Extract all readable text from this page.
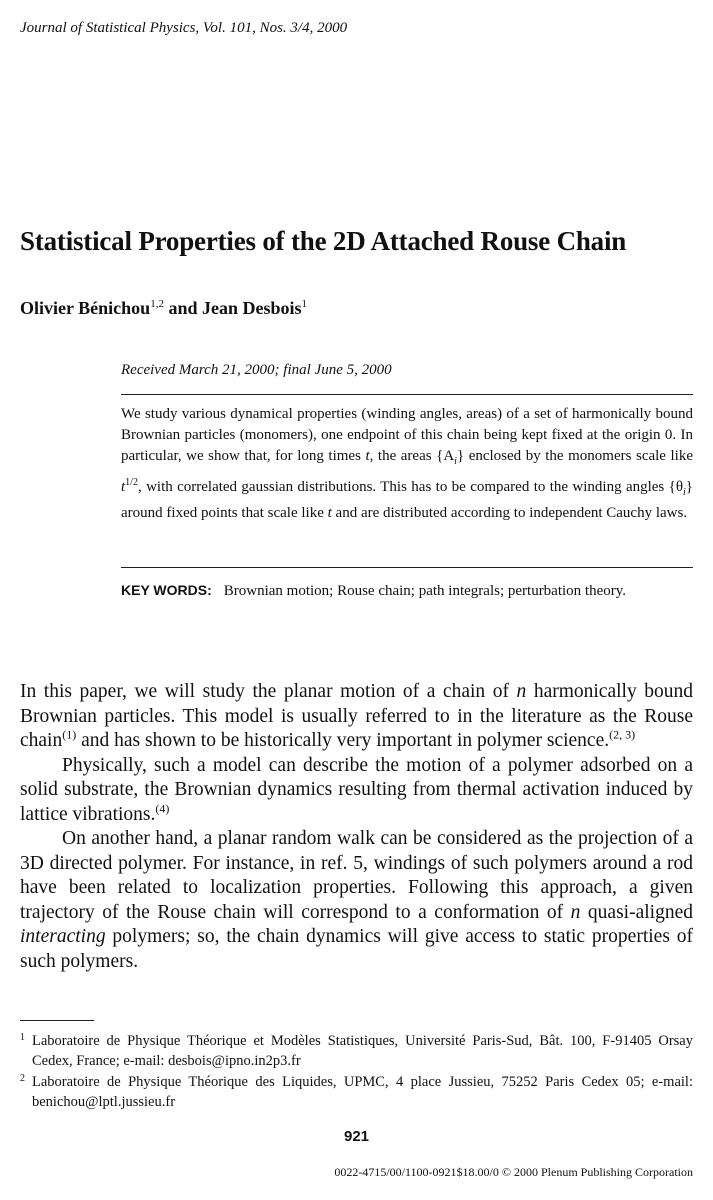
Journal of Statistical Physics, Vol. 101, Nos. 3/4, 2000
Statistical Properties of the 2D Attached Rouse Chain
Olivier Bénichou$^{1,2}$ and Jean Desbois$^1$
Received March 21, 2000; final June 5, 2000
We study various dynamical properties (winding angles, areas) of a set of harmonically bound Brownian particles (monomers), one endpoint of this chain being kept fixed at the origin 0. In particular, we show that, for long times t, the areas $\{A_i\}$ enclosed by the monomers scale like $t^{1/2}$, with correlated gaussian distributions. This has to be compared to the winding angles $\{\theta_i\}$ around fixed points that scale like t and are distributed according to independent Cauchy laws.
KEY WORDS: Brownian motion; Rouse chain; path integrals; perturbation theory.

In this paper, we will study the planar motion of a chain of n harmonically bound Brownian particles. This model is usually referred to in the literature as the Rouse chain$^{(1)}$ and has shown to be historically very important in polymer science.$^{(2, 3)}$

Physically, such a model can describe the motion of a polymer adsorbed on a solid substrate, the Brownian dynamics resulting from thermal activation induced by lattice vibrations.$^{(4)}$

On another hand, a planar random walk can be considered as the projection of a 3D directed polymer. For instance, in ref. 5, windings of such polymers around a rod have been related to localization properties. Following this approach, a given trajectory of the Rouse chain will correspond to a conformation of n quasi-aligned interacting polymers; so, the chain dynamics will give access to static properties of such polymers.

1 Laboratoire de Physique Théorique et Modèles Statistiques, Université Paris-Sud, Bât. 100, F-91405 Orsay Cedex, France; e-mail: desbois@ipno.in2p3.fr
2 Laboratoire de Physique Théorique des Liquides, UPMC, 4 place Jussieu, 75252 Paris Cedex 05; e-mail: benichou@lptl.jussieu.fr
921
0022-4715/00/1100-0921$18.00/0 © 2000 Plenum Publishing Corporation
